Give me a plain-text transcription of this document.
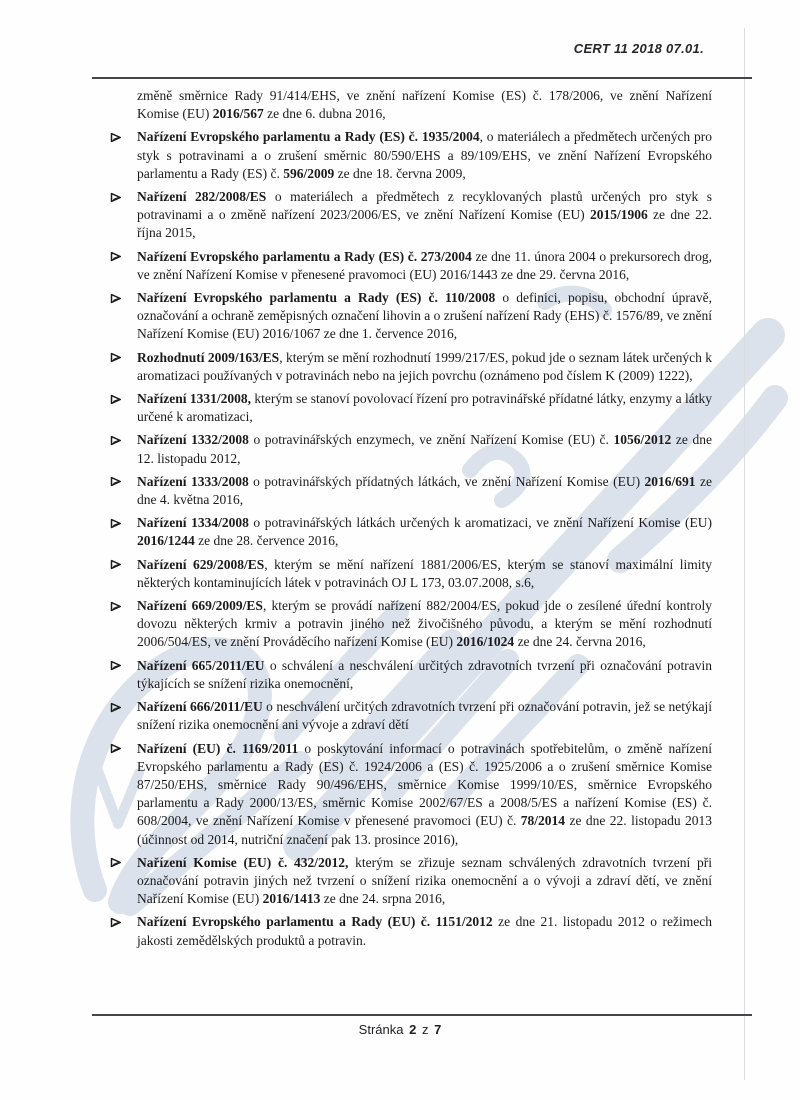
CERT 11 2018 07.01.
změně směrnice Rady 91/414/EHS, ve znění nařízení Komise (ES) č. 178/2006, ve znění Nařízení Komise (EU) 2016/567 ze dne 6. dubna 2016,
Nařízení Evropského parlamentu a Rady (ES) č. 1935/2004, o materiálech a předmětech určených pro styk s potravinami a o zrušení směrnic 80/590/EHS a 89/109/EHS, ve znění Nařízení Evropského parlamentu a Rady (ES) č. 596/2009 ze dne 18. června 2009,
Nařízení 282/2008/ES o materiálech a předmětech z recyklovaných plastů určených pro styk s potravinami a o změně nařízení 2023/2006/ES, ve znění Nařízení Komise (EU) 2015/1906 ze dne 22. října 2015,
Nařízení Evropského parlamentu a Rady (ES) č. 273/2004 ze dne 11. února 2004 o prekursorech drog, ve znění Nařízení Komise v přenesené pravomoci (EU) 2016/1443 ze dne 29. června 2016,
Nařízení Evropského parlamentu a Rady (ES) č. 110/2008 o definici, popisu, obchodní úpravě, označování a ochraně zeměpisných označení lihovin a o zrušení nařízení Rady (EHS) č. 1576/89, ve znění Nařízení Komise (EU) 2016/1067 ze dne 1. července 2016,
Rozhodnutí 2009/163/ES, kterým se mění rozhodnutí 1999/217/ES, pokud jde o seznam látek určených k aromatizaci používaných v potravinách nebo na jejich povrchu (oznámeno pod číslem K (2009) 1222),
Nařízení 1331/2008, kterým se stanoví povolovací řízení pro potravinářské přídatné látky, enzymy a látky určené k aromatizaci,
Nařízení 1332/2008 o potravinářských enzymech, ve znění Nařízení Komise (EU) č. 1056/2012 ze dne 12. listopadu 2012,
Nařízení 1333/2008 o potravinářských přídatných látkách, ve znění Nařízení Komise (EU) 2016/691 ze dne 4. května 2016,
Nařízení 1334/2008 o potravinářských látkách určených k aromatizaci, ve znění Nařízení Komise (EU) 2016/1244 ze dne 28. července 2016,
Nařízení 629/2008/ES, kterým se mění nařízení 1881/2006/ES, kterým se stanoví maximální limity některých kontaminujících látek v potravinách OJ L 173, 03.07.2008, s.6,
Nařízení 669/2009/ES, kterým se provádí nařízení 882/2004/ES, pokud jde o zesílené úřední kontroly dovozu některých krmiv a potravin jiného než živočišného původu, a kterým se mění rozhodnutí 2006/504/ES, ve znění Prováděcího nařízení Komise (EU) 2016/1024 ze dne 24. června 2016,
Nařízení 665/2011/EU o schválení a neschválení určitých zdravotních tvrzení při označování potravin týkajících se snížení rizika onemocnění,
Nařízení 666/2011/EU o neschválení určitých zdravotních tvrzení při označování potravin, jež se netýkají snížení rizika onemocnění ani vývoje a zdraví dětí
Nařízení (EU) č. 1169/2011 o poskytování informací o potravinách spotřebitelům, o změně nařízení Evropského parlamentu a Rady (ES) č. 1924/2006 a (ES) č. 1925/2006 a o zrušení směrnice Komise 87/250/EHS, směrnice Rady 90/496/EHS, směrnice Komise 1999/10/ES, směrnice Evropského parlamentu a Rady 2000/13/ES, směrnic Komise 2002/67/ES a 2008/5/ES a nařízení Komise (ES) č. 608/2004, ve znění Nařízení Komise v přenesené pravomoci (EU) č. 78/2014 ze dne 22. listopadu 2013 (účinnost od 2014, nutriční značení pak 13. prosince 2016),
Nařízení Komise (EU) č. 432/2012, kterým se zřizuje seznam schválených zdravotních tvrzení při označování potravin jiných než tvrzení o snížení rizika onemocnění a o vývoji a zdraví dětí, ve znění Nařízení Komise (EU) 2016/1413 ze dne 24. srpna 2016,
Nařízení Evropského parlamentu a Rady (EU) č. 1151/2012 ze dne 21. listopadu 2012 o režimech jakosti zemědělských produktů a potravin.
Stránka 2 z 7
